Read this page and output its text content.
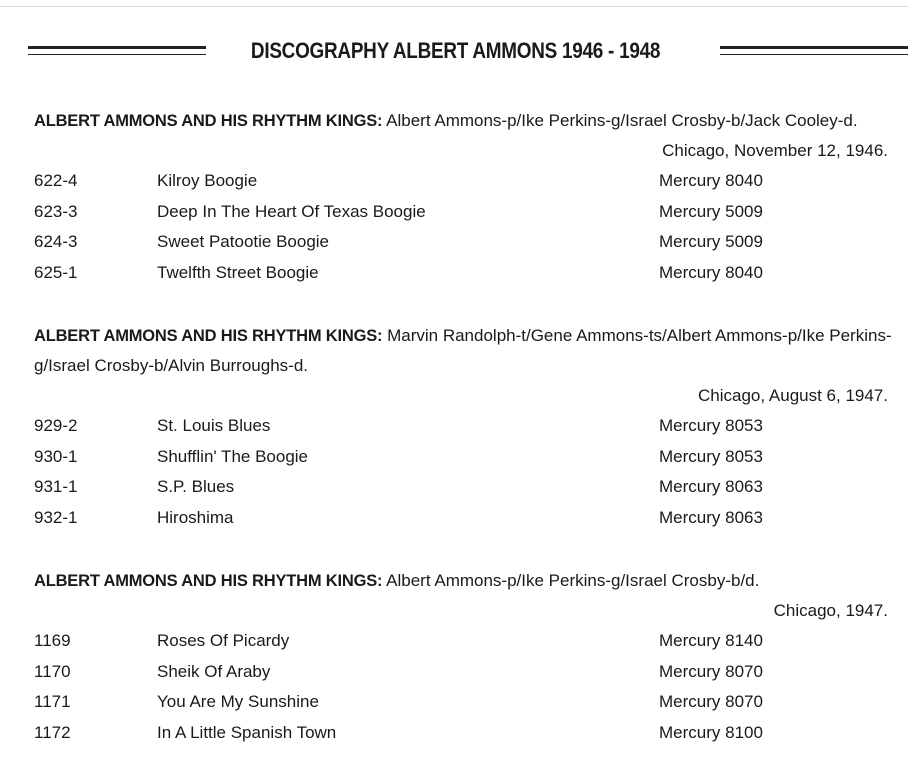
DISCOGRAPHY ALBERT AMMONS 1946 - 1948
ALBERT AMMONS AND HIS RHYTHM KINGS: Albert Ammons-p/Ike Perkins-g/Israel Crosby-b/Jack Cooley-d.
Chicago, November 12, 1946.
622-4	Kilroy Boogie	Mercury 8040
623-3	Deep In The Heart Of Texas Boogie	Mercury 5009
624-3	Sweet Patootie Boogie	Mercury 5009
625-1	Twelfth Street Boogie	Mercury 8040
ALBERT AMMONS AND HIS RHYTHM KINGS: Marvin Randolph-t/Gene Ammons-ts/Albert Ammons-p/Ike Perkins-g/Israel Crosby-b/Alvin Burroughs-d.
Chicago, August 6, 1947.
929-2	St. Louis Blues	Mercury 8053
930-1	Shufflin' The Boogie	Mercury 8053
931-1	S.P. Blues	Mercury 8063
932-1	Hiroshima	Mercury 8063
ALBERT AMMONS AND HIS RHYTHM KINGS: Albert Ammons-p/Ike Perkins-g/Israel Crosby-b/d.
Chicago, 1947.
1169	Roses Of Picardy	Mercury 8140
1170	Sheik Of Araby	Mercury 8070
1171	You Are My Sunshine	Mercury 8070
1172	In A Little Spanish Town	Mercury 8100
